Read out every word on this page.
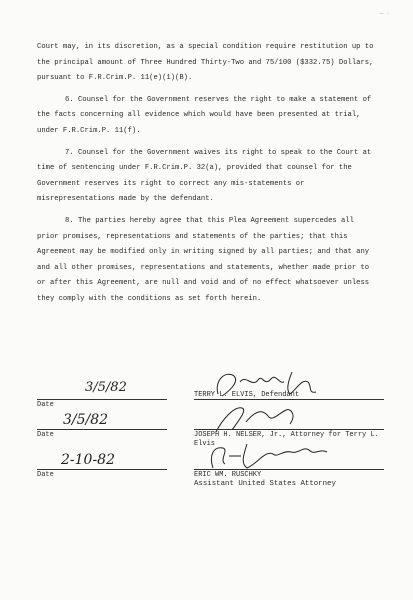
~ ·

Court may, in its discretion, as a special condition require restitution up to the principal amount of Three Hundred Thirty-Two and 75/100 ($332.75) Dollars, pursuant to F.R.Crim.P. 11(e)(1)(B).

6. Counsel for the Government reserves the right to make a statement of the facts concerning all evidence which would have been presented at trial, under F.R.Crim.P. 11(f).

7. Counsel for the Government waives its right to speak to the Court at time of sentencing under F.R.Crim.P. 32(a), provided that counsel for the Government reserves its right to correct any mis-statements or misrepresentations made by the defendant.

8. The parties hereby agree that this Plea Agreement supercedes all prior promises, representations and statements of the parties; that this Agreement may be modified only in writing signed by all parties; and that any and all other promises, representations and statements, whether made prior to or after this Agreement, are null and void and of no effect whatsoever unless they comply with the conditions as set forth herein.

3/5/82
Date
TERRY L. ELVIS, Defendant
3/5/82
Date	JOSEPH H. NELSER, Jr., Attorney for Terry L. Elvis
2-10-82
Date	ERIC WM. RUSCHKY
Assistant United States Attorney
